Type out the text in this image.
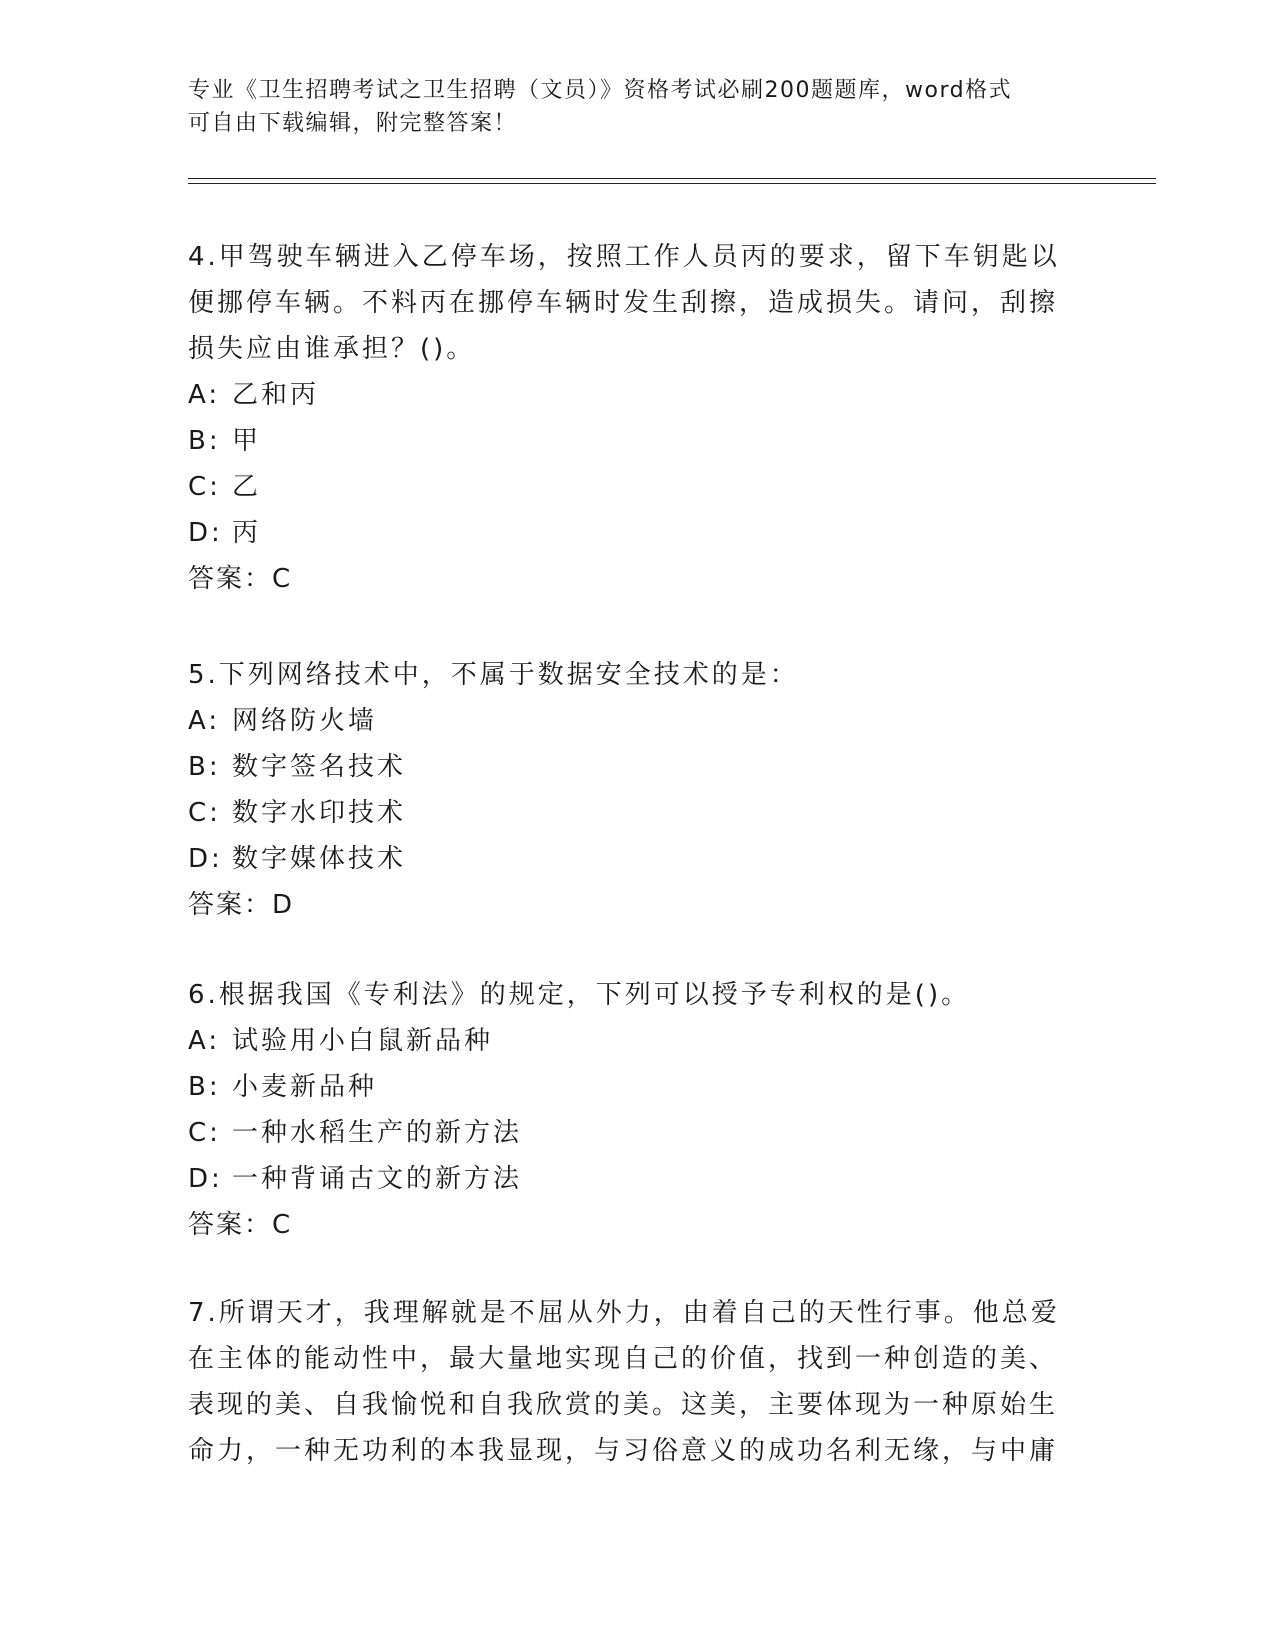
专业《卫生招聘考试之卫生招聘（文员）》资格考试必刷200题题库，word格式
可自由下载编辑，附完整答案！
4.甲驾驶车辆进入乙停车场，按照工作人员丙的要求，留下车钥匙以便挪停车辆。不料丙在挪停车辆时发生刮擦，造成损失。请问，刮擦损失应由谁承担？()。
A: 乙和丙
B: 甲
C: 乙
D: 丙
答案：C
5.下列网络技术中，不属于数据安全技术的是：
A: 网络防火墙
B: 数字签名技术
C: 数字水印技术
D: 数字媒体技术
答案：D
6.根据我国《专利法》的规定，下列可以授予专利权的是()。
A: 试验用小白鼠新品种
B: 小麦新品种
C: 一种水稻生产的新方法
D: 一种背诵古文的新方法
答案：C
7.所谓天才，我理解就是不屈从外力，由着自己的天性行事。他总爱在主体的能动性中，最大量地实现自己的价值，找到一种创造的美、表现的美、自我愉悦和自我欣赏的美。这美，主要体现为一种原始生命力，一种无功利的本我显现，与习俗意义的成功名利无缘，与中庸
